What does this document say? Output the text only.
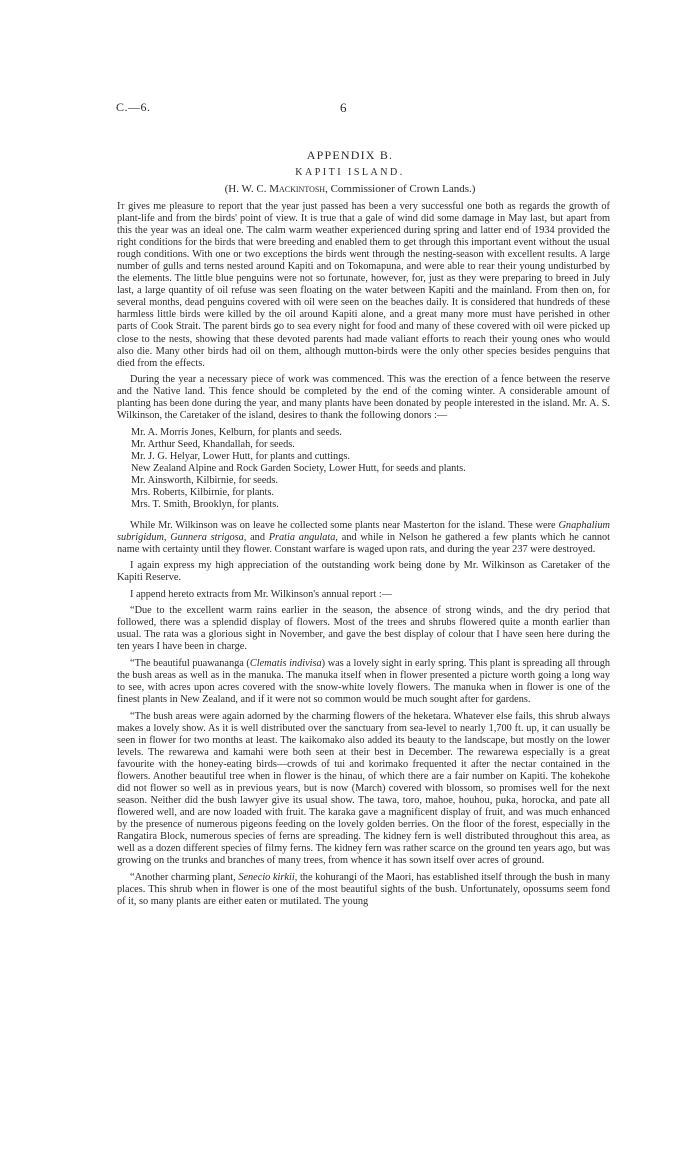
C.—6.	6
APPENDIX B.
KAPITI ISLAND.
(H. W. C. Mackintosh, Commissioner of Crown Lands.)

It gives me pleasure to report that the year just passed has been a very successful one both as regards the growth of plant-life and from the birds' point of view. It is true that a gale of wind did some damage in May last, but apart from this the year was an ideal one. The calm warm weather experienced during spring and latter end of 1934 provided the right conditions for the birds that were breeding and enabled them to get through this important event without the usual rough conditions. With one or two exceptions the birds went through the nesting-season with excellent results. A large number of gulls and terns nested around Kapiti and on Tokomapuna, and were able to rear their young undisturbed by the elements. The little blue penguins were not so fortunate, however, for, just as they were preparing to breed in July last, a large quantity of oil refuse was seen floating on the water between Kapiti and the mainland. From then on, for several months, dead penguins covered with oil were seen on the beaches daily. It is considered that hundreds of these harmless little birds were killed by the oil around Kapiti alone, and a great many more must have perished in other parts of Cook Strait. The parent birds go to sea every night for food and many of these covered with oil were picked up close to the nests, showing that these devoted parents had made valiant efforts to reach their young ones who would also die. Many other birds had oil on them, although mutton-birds were the only other species besides penguins that died from the effects.

During the year a necessary piece of work was commenced. This was the erection of a fence between the reserve and the Native land. This fence should be completed by the end of the coming winter. A considerable amount of planting has been done during the year, and many plants have been donated by people interested in the island. Mr. A. S. Wilkinson, the Caretaker of the island, desires to thank the following donors :—

Mr. A. Morris Jones, Kelburn, for plants and seeds.
Mr. Arthur Seed, Khandallah, for seeds.
Mr. J. G. Helyar, Lower Hutt, for plants and cuttings.
New Zealand Alpine and Rock Garden Society, Lower Hutt, for seeds and plants.
Mr. Ainsworth, Kilbirnie, for seeds.
Mrs. Roberts, Kilbirnie, for plants.
Mrs. T. Smith, Brooklyn, for plants.

While Mr. Wilkinson was on leave he collected some plants near Masterton for the island. These were Gnaphalium subrigidum, Gunnera strigosa, and Pratia angulata, and while in Nelson he gathered a few plants which he cannot name with certainty until they flower. Constant warfare is waged upon rats, and during the year 237 were destroyed.

I again express my high appreciation of the outstanding work being done by Mr. Wilkinson as Caretaker of the Kapiti Reserve.

I append hereto extracts from Mr. Wilkinson's annual report :—

“Due to the excellent warm rains earlier in the season, the absence of strong winds, and the dry period that followed, there was a splendid display of flowers. Most of the trees and shrubs flowered quite a month earlier than usual. The rata was a glorious sight in November, and gave the best display of colour that I have seen here during the ten years I have been in charge.

“The beautiful puawananga (Clematis indivisa) was a lovely sight in early spring. This plant is spreading all through the bush areas as well as in the manuka. The manuka itself when in flower presented a picture worth going a long way to see, with acres upon acres covered with the snow-white lovely flowers. The manuka when in flower is one of the finest plants in New Zealand, and if it were not so common would be much sought after for gardens.

“The bush areas were again adorned by the charming flowers of the heketara. Whatever else fails, this shrub always makes a lovely show. As it is well distributed over the sanctuary from sea-level to nearly 1,700 ft. up, it can usually be seen in flower for two months at least. The kaikomako also added its beauty to the landscape, but mostly on the lower levels. The rewarewa and kamahi were both seen at their best in December. The rewarewa especially is a great favourite with the honey-eating birds—crowds of tui and korimako frequented it after the nectar contained in the flowers. Another beautiful tree when in flower is the hinau, of which there are a fair number on Kapiti. The kohekohe did not flower so well as in previous years, but is now (March) covered with blossom, so promises well for the next season. Neither did the bush lawyer give its usual show. The tawa, toro, mahoe, houhou, puka, horocka, and pate all flowered well, and are now loaded with fruit. The karaka gave a magnificent display of fruit, and was much enhanced by the presence of numerous pigeons feeding on the lovely golden berries. On the floor of the forest, especially in the Rangatira Block, numerous species of ferns are spreading. The kidney fern is well distributed throughout this area, as well as a dozen different species of filmy ferns. The kidney fern was rather scarce on the ground ten years ago, but was growing on the trunks and branches of many trees, from whence it has sown itself over acres of ground.

“Another charming plant, Senecio kirkii, the kohurangi of the Maori, has established itself through the bush in many places. This shrub when in flower is one of the most beautiful sights of the bush. Unfortunately, opossums seem fond of it, so many plants are either eaten or mutilated. The young
